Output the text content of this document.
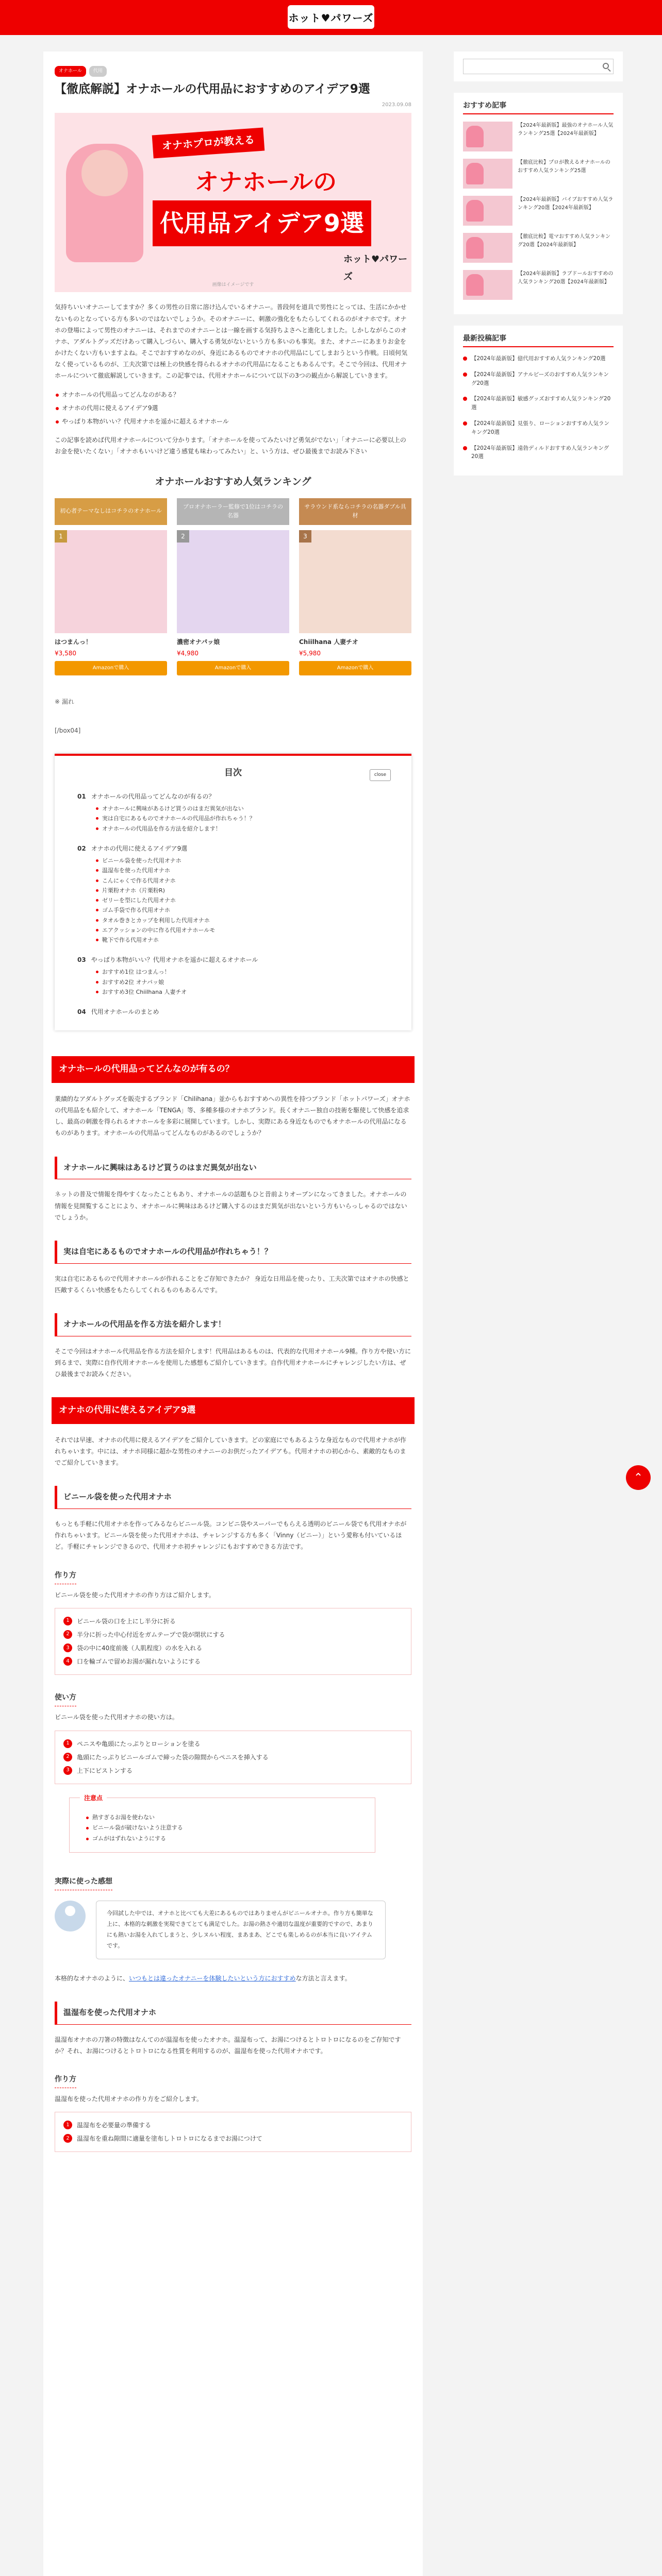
ホット♥パワーズ
オナホール	代用
【徹底解説】オナホールの代用品におすすめのアイデア9選
2023.09.08
オナホプロが教える
オナホールの
代用品アイデア9選
ホット♥パワーズ
画像はイメージです

気持ちいいオナニーしてますか？多くの男性の日常に溶け込んでいるオナニー。普段何を道具で男性にとっては、生活にかかせないものとなっている方も多いのではないでしょうか。そのオナニーに、刺激の強化をもたらしてくれるのがオナホです。オナホの登場によって男性のオナニーは、それまでのオナニーとは一線を画する気持ちよさへと進化しました。しかしながらこのオナホ、アダルトグッズだけあって購入しづらい、購入する勇気がないという方も多いのも事実。また、オナニーにあまりお金をかけたくない方もいますよね。そこでおすすめなのが、身近にあるものでオナホの代用品にしてしまおうという作戦。日頃何気なく使っているものが、工夫次第では極上の快感を得られるオナホの代用品になることもあるんです。そこで今回は、代用オナホールについて徹底解説していきます。この記事では、代用オナホールについて以下の3つの観点から解説していきます。

オナホールの代用品ってどんなのがある？
オナホの代用に使えるアイデア9選
やっぱり本物がいい？代用オナホを遥かに超えるオナホール

この記事を読めば代用オナホールについて分かります。「オナホールを使ってみたいけど勇気がでない」「オナニーに必要以上のお金を使いたくない」「オナホもいいけど違う感覚も味わってみたい」と、いう方は、ぜひ最後までお読み下さい

オナホールおすすめ人気ランキング
初心者テーマなしはコチラのオナホール
1
はつまんっ！
¥3,580
Amazonで購入
プロオナホーラー監修で1位はコチラの名器
2
濃密オナパッ娘
¥4,980
Amazonで購入
サラウンド系ならコチラの名器ダブル具材
3
Chiilhana 人妻チオ
¥5,980
Amazonで購入
※ 漏れ
[/box04]
目次	close
01 オナホールの代用品ってどんなのが有るの？
オナホールに興味があるけど買うのはまだ異気が出ない
実は自宅にあるものでオナホールの代用品が作れちゃう！？
オナホールの代用品を作る方法を紹介します！
02 オナホの代用に使えるアイデア9選
ビニール袋を使った代用オナホ
温湿布を使った代用オナホ
こんにゃくで作る代用オナホ
片栗粉オナホ（片栗粉R)
ゼリーを型にした代用オナホ
ゴム手袋で作る代用オナホ
タオル巻きとカップを利用した代用オナホ
エアクッションの中に作る代用オナホールモ
靴下で作る代用オナホ
03 やっぱり本物がいい？代用オナホを遥かに超えるオナホール
おすすめ1位 はつまんっ！
おすすめ2位 オナパッ娘
おすすめ3位 Chiilhana 人妻チオ
04 代用オナホールのまとめ
オナホールの代用品ってどんなのが有るの？

業績的なアダルトグッズを販売するブランド「Chilihana」並からもおすすめへの異性を持つブランド「ホットパワーズ」オナホの代用品をも紹介して、オナホール「TENGA」等、多種多様のオナホブランド。長くオナニー独自の技術を駆使して快感を追求し、最高の刺激を得られるオナホールを多彩に展開しています。しかし、実際にある身近なものでもオナホールの代用品になるものがあります。オナホールの代用品ってどんなものがあるのでしょうか？

オナホールに興味はあるけど買うのはまだ異気が出ない

ネットの普及で情報を得やすくなったこともあり、オナホールの話題もひと昔前よりオープンになってきました。オナホールの情報を見開覧することにより、オナホールに興味はあるけど購入するのはまだ異気が出ないという方もいらっしゃるのではないでしょうか。

実は自宅にあるものでオナホールの代用品が作れちゃう！？

実は自宅にあるもので代用オナホールが作れることをご存知できたか？ 身近な日用品を使ったり、工夫次第ではオナホの快感と匹敵するくらい快感をもたらしてくれるものもあるんです。

オナホールの代用品を作る方法を紹介します！

そこで今回はオナホール代用品を作る方法を紹介します！代用品はあるものは、代表的な代用オナホール9種。作り方や使い方に到るまで、実際に自作代用オナホールを使用した感想もご紹介していきます。自作代用オナホールにチャレンジしたい方は、ぜひ最後までお読みください。

オナホの代用に使えるアイデア9選

それでは早速、オナホの代用に使えるアイデアをご紹介していきます。どの家庭にでもあるような身近なもので代用オナホが作れちゃいます。中には、オナホ同様に超かな男性のオナニーのお供だったアイデアも。代用オナホの初心から、素敵的なものまでご紹介していきます。

ビニール袋を使った代用オナホ

もっとも手軽に代用オナホを作ってみるならビニール袋。コンビニ袋やスーパーでもらえる透明のビニール袋でも代用オナホが作れちゃいます。ビニール袋を使った代用オナホは、チャレンジする方も多く「Vinny（ビニー）」という愛称も付いているほど。手軽にチャレンジできるので、代用オナホ初チャレンジにもおすすめできる方法です。

作り方

ビニール袋を使った代用オナホの作り方はご紹介します。

1	ビニール袋の口を上にし半分に折る
2	半分に折った中心付近をガムテープで袋が閉状にする
3	袋の中に40度前後（人肌程度）の水を入れる
4	口を輪ゴムで留めお湯が漏れないようにする
使い方

ビニール袋を使った代用オナホの使い方は。

1	ペニスや亀頭にたっぷりとローションを塗る
2	亀頭にたっぷりビニールゴムで締った袋の隙間からペニスを挿入する
3	上下にピストンする
注意点
熱すぎるお湯を使わない
ビニール袋が破けないよう注意する
ゴムがはずれないようにする
実際に使った感想
今回試した中では、オナホと比べても大差にあるものではありませんがビニールオナホ。作り方も簡単な上に、本格的な刺激を実現できてとても満足でした。お湯の熱さや適切な温度が重要的ですので、あまりにも熱いお湯を入れてしまうと、少しヌルい程度、まあまあ、どこでも楽しめるのが本当に良いアイテムです。

本格的なオナホのように、いつもとは違ったオナニーを体験したいという方におすすめな方法と言えます。

温湿布を使った代用オナホ

温湿布オナホの刀箸の特徴はなんてのが温湿布を使ったオナホ。温湿布って、お湯につけるとトロトロになるのをご存知ですか？それ、お湯につけるとトロトロになる性質を利用するのが、温湿布を使った代用オナホです。

作り方

温湿布を使った代用オナホの作り方をご紹介します。

1	温湿布を必要量の準備する
2	温湿布を重ね隙間に適量を塗布しトロトロになるまでお湯につけて
おすすめ記事
【2024年最新版】最強のオナホール人気ランキング25選【2024年最新版】
【徹底比較】プロが教えるオナホールのおすすめ人気ランキング25選
【2024年最新版】バイブおすすめ人気ランキング20選【2024年最新版】
【徹底比較】電マおすすめ人気ランキング20選【2024年最新版】
【2024年最新版】ラブドールおすすめの人気ランキング20選【2024年最新版】
最新投稿記事
【2024年最新版】億代用おすすめ人気ランキング20選
【2024年最新版】アナルビーズのおすすめ人気ランキング20選
【2024年最新版】敏感グッズおすすめ人気ランキング20選
【2024年最新版】見張り、ローションおすすめ人気ランキング20選
【2024年最新版】遠勃ディルドおすすめ人気ランキング20選
⌃
